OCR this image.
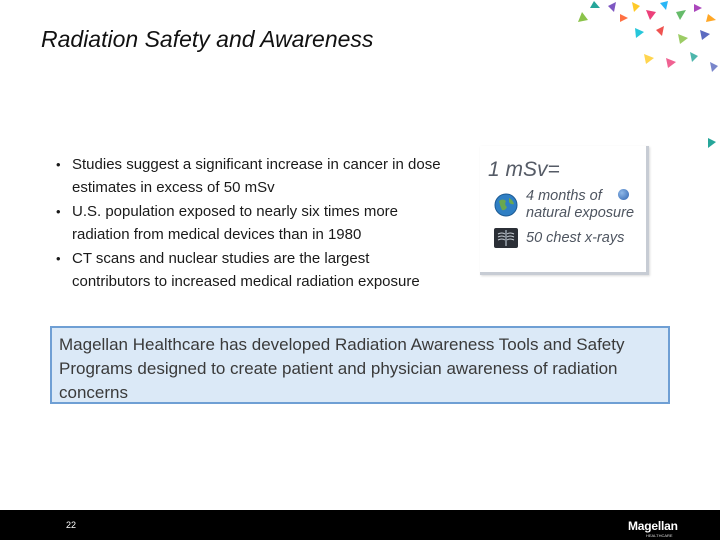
Radiation Safety and Awareness
• Studies suggest a significant increase in cancer in dose estimates in excess of 50 mSv
• U.S. population exposed to nearly six times more radiation from medical devices than in 1980
• CT scans and nuclear studies are the largest contributors to increased medical radiation exposure
1 mSv=
4 months of
natural exposure
50 chest x-rays
Magellan Healthcare has developed Radiation Awareness Tools and Safety Programs designed to create patient and physician awareness of radiation concerns
22	Magellan
HEALTHCARE
